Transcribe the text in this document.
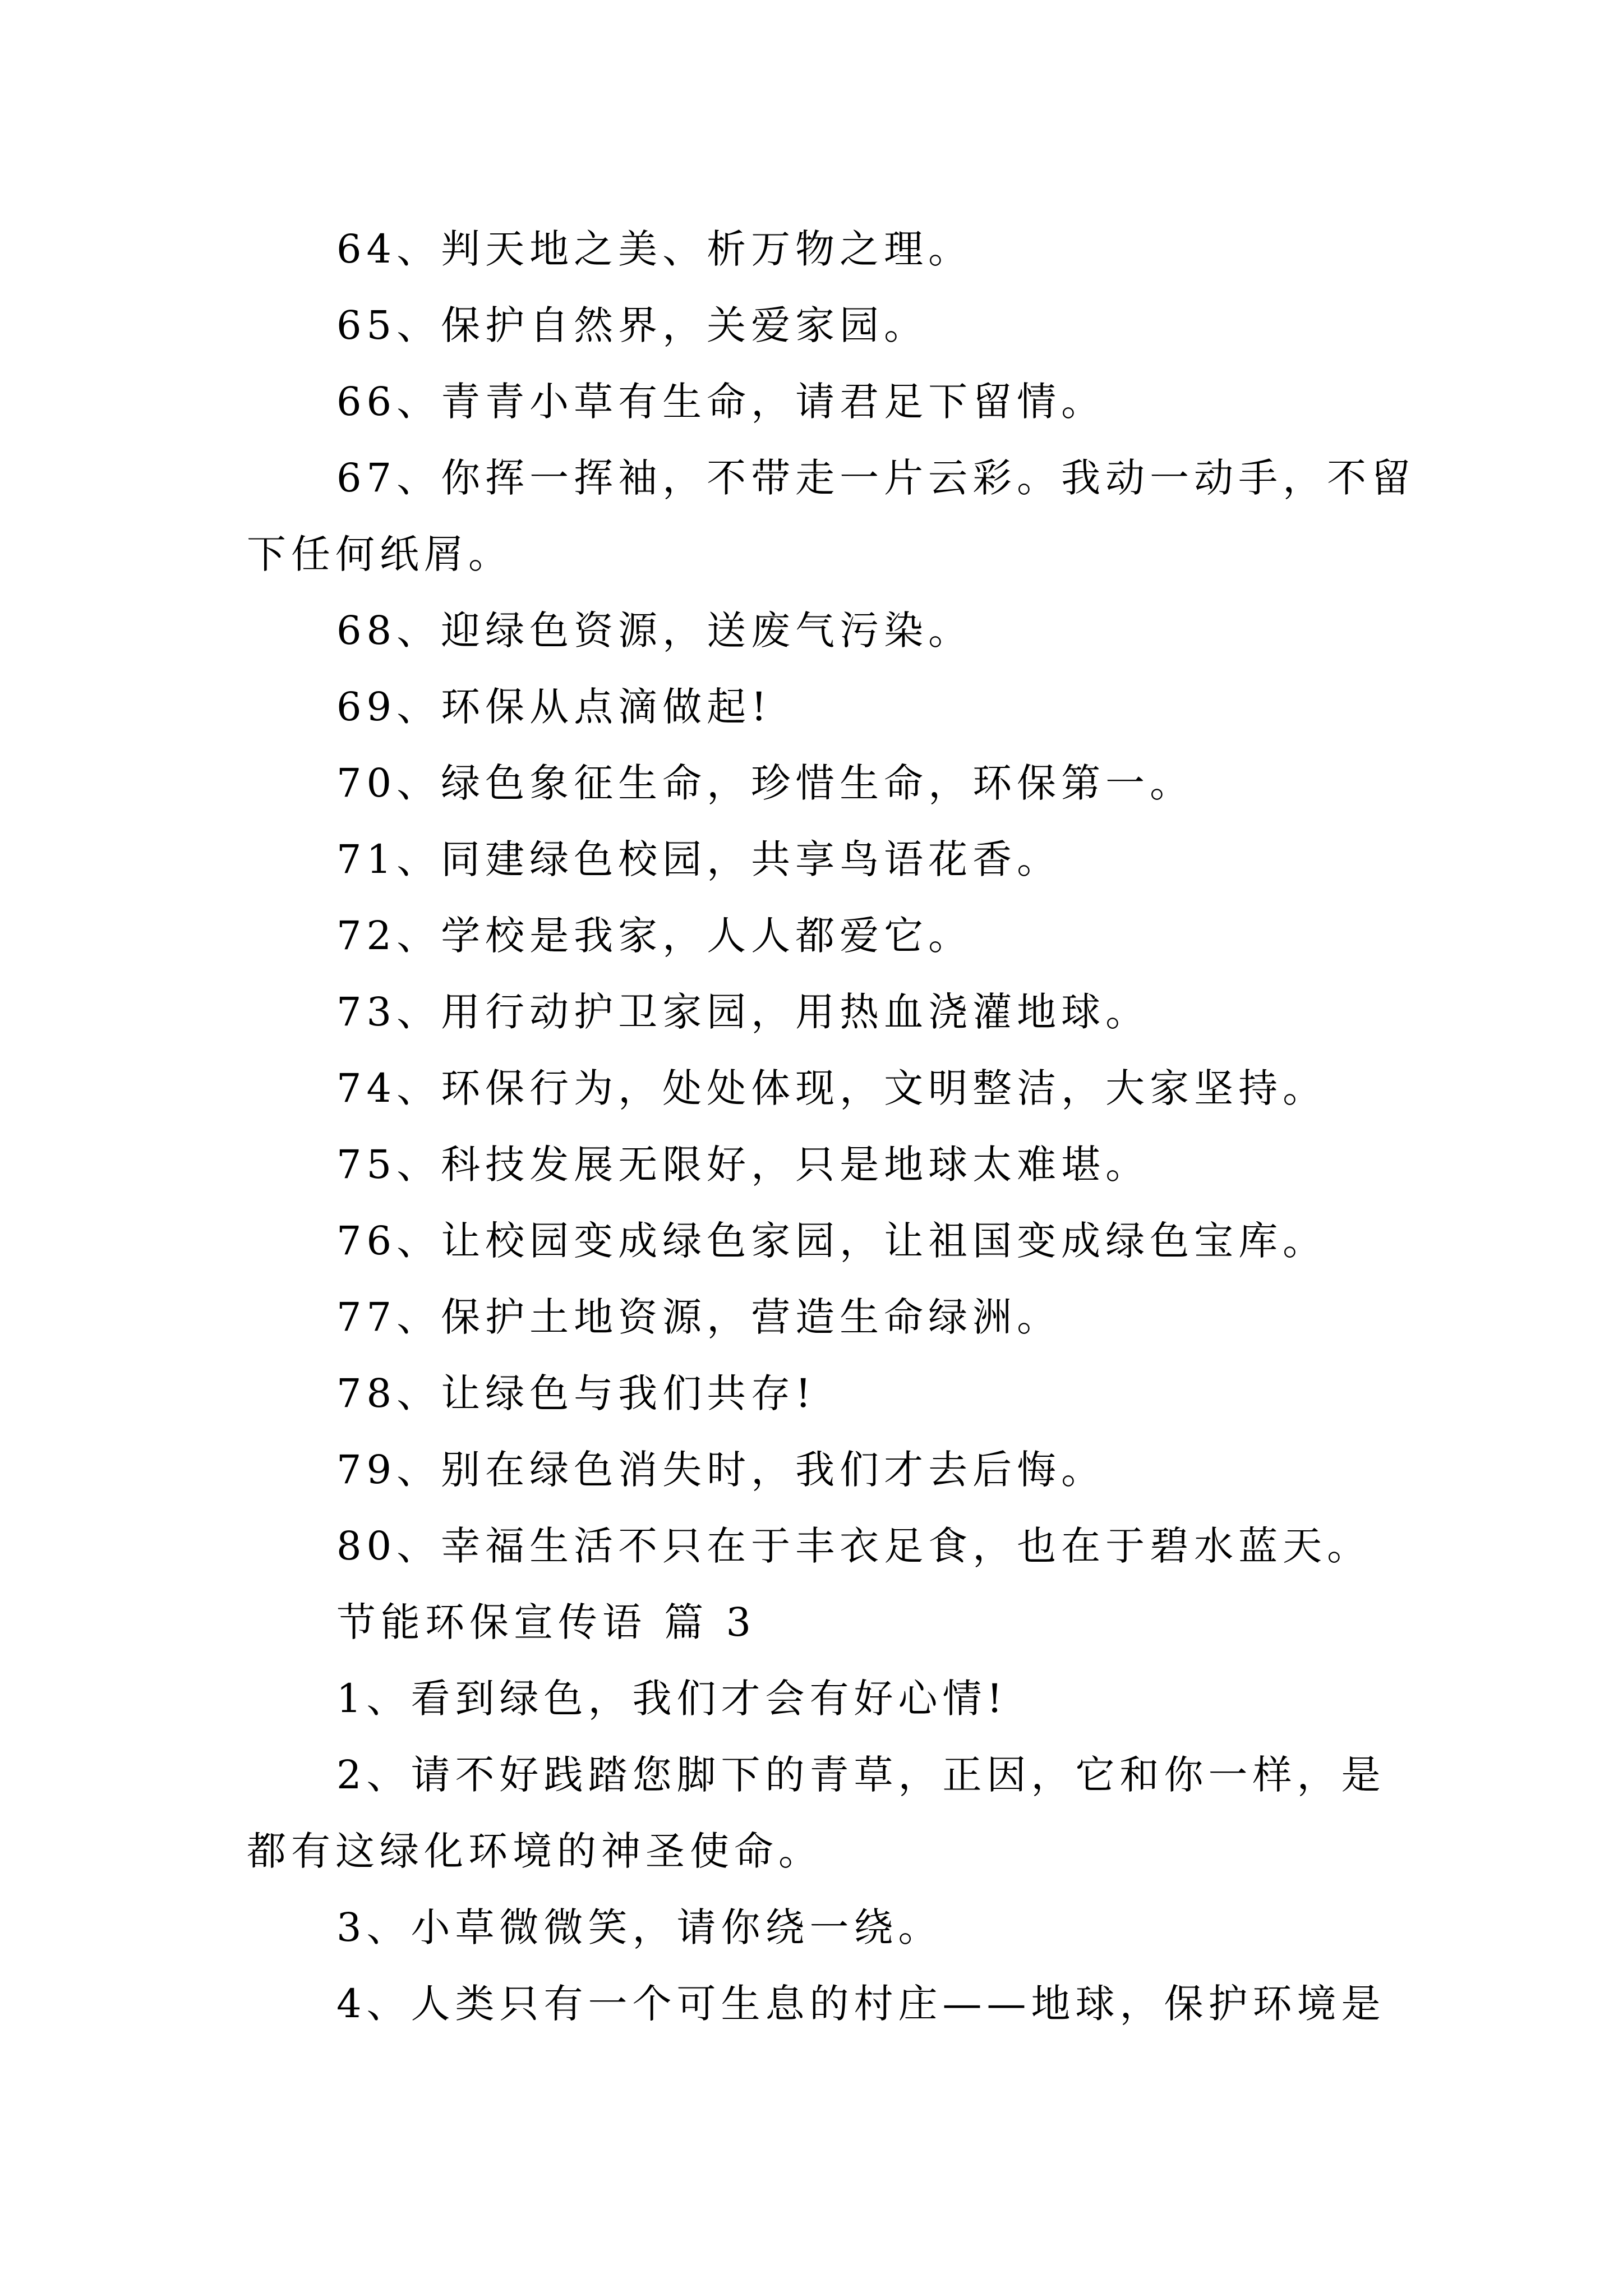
64、判天地之美、析万物之理。
65、保护自然界，关爱家园。
66、青青小草有生命，请君足下留情。
67、你挥一挥袖，不带走一片云彩。我动一动手，不留
下任何纸屑。
68、迎绿色资源，送废气污染。
69、环保从点滴做起!
70、绿色象征生命，珍惜生命，环保第一。
71、同建绿色校园，共享鸟语花香。
72、学校是我家，人人都爱它。
73、用行动护卫家园，用热血浇灌地球。
74、环保行为，处处体现，文明整洁，大家坚持。
75、科技发展无限好，只是地球太难堪。
76、让校园变成绿色家园，让祖国变成绿色宝库。
77、保护土地资源，营造生命绿洲。
78、让绿色与我们共存!
79、别在绿色消失时，我们才去后悔。
80、幸福生活不只在于丰衣足食，也在于碧水蓝天。
节能环保宣传语 篇 3
1、看到绿色，我们才会有好心情!
2、请不好践踏您脚下的青草，正因，它和你一样，是
都有这绿化环境的神圣使命。
3、小草微微笑，请你绕一绕。
4、人类只有一个可生息的村庄——地球，保护环境是
